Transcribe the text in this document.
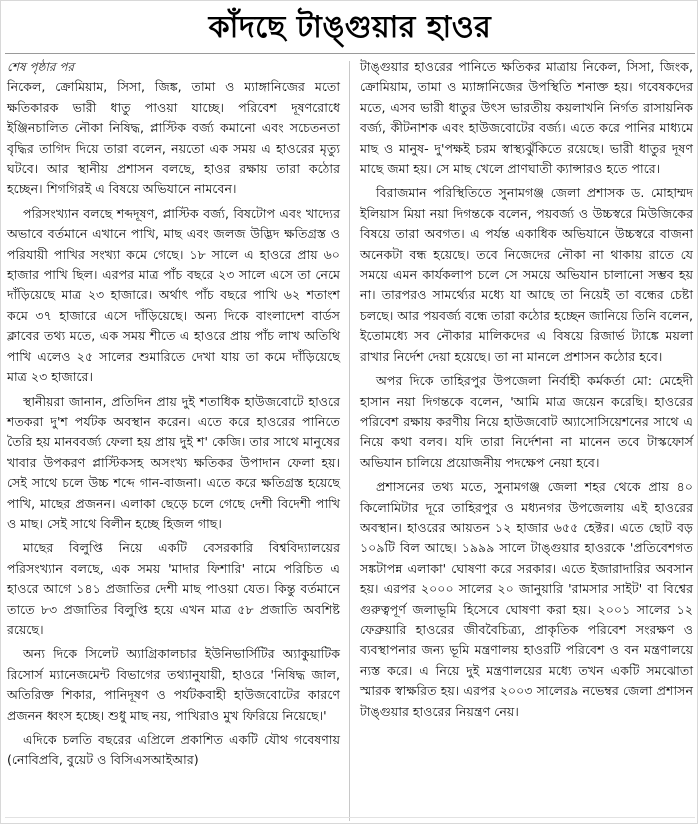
কাঁদছে টাঙ্গুয়ার হাওর
শেষ পৃষ্ঠার পর

নিকেল, ক্রোমিয়াম, সিসা, জিঙ্ক, তামা ও ম্যাঙ্গানিজের মতো ক্ষতিকারক ভারী ধাতু পাওয়া যাচ্ছে। পরিবেশ দূষণরোধে ইঞ্জিনচালিত নৌকা নিষিদ্ধ, প্লাস্টিক বর্জ্য কমানো এবং সচেতনতা বৃদ্ধির তাগিদ দিয়ে তারা বলেন, নয়তো এক সময় এ হাওরের মৃত্যু ঘটবে। আর স্থানীয় প্রশাসন বলছে, হাওর রক্ষায় তারা কঠোর হচ্ছেন। শিগগিরই এ বিষয়ে অভিযানে নামবেন।

পরিসংখ্যান বলছে শব্দদূষণ, প্লাস্টিক বর্জ্য, বিষটোপ এবং খাদ্যের অভাবে বর্তমানে এখানে পাখি, মাছ এবং জলজ উদ্ভিদ ক্ষতিগ্রস্ত ও পরিযায়ী পাখির সংখ্যা কমে গেছে। ১৮ সালে এ হাওরে প্রায় ৬০ হাজার পাখি ছিল। এরপর মাত্র পাঁচ বছরে ২৩ সালে এসে তা নেমে দাঁড়িয়েছে মাত্র ২৩ হাজারে। অর্থাৎ পাঁচ বছরে পাখি ৬২ শতাংশ কমে ৩৭ হাজারে এসে দাঁড়িয়েছে। অন্য দিকে বাংলাদেশ বার্ডস ক্লাবের তথ্য মতে, এক সময় শীতে এ হাওরে প্রায় পাঁচ লাখ অতিথি পাখি এলেও ২৫ সালের শুমারিতে দেখা যায় তা কমে দাঁড়িয়েছে মাত্র ২৩ হাজারে।

স্থানীয়রা জানান, প্রতিদিন প্রায় দুই শতাধিক হাউজবোটে হাওরে শতকরা দু'শ পর্যটক অবস্থান করেন। এতে করে হাওরের পানিতে তৈরি হয় মানববর্জ্য ফেলা হয় প্রায় দুই শ' কেজি। তার সাথে মানুষের খাবার উপকরণ প্লাস্টিকসহ অসংখ্য ক্ষতিকর উপাদান ফেলা হয়। সেই সাথে চলে উচ্চ শব্দে গান-বাজনা। এতে করে ক্ষতিগ্রস্ত হয়েছে পাখি, মাছের প্রজনন। এলাকা ছেড়ে চলে গেছে দেশী বিদেশী পাখি ও মাছ। সেই সাথে বিলীন হচ্ছে হিজল গাছ।

মাছের বিলুপ্তি নিয়ে একটি বেসরকারি বিশ্ববিদ্যালয়ের পরিসংখ্যান বলছে, এক সময় 'মাদার ফিশারি' নামে পরিচিত এ হাওরে আগে ১৪১ প্রজাতির দেশী মাছ পাওয়া যেত। কিন্তু বর্তমানে তাতে ৮৩ প্রজাতির বিলুপ্তি হয়ে এখন মাত্র ৫৮ প্রজাতি অবশিষ্ট রয়েছে।

অন্য দিকে সিলেট অ্যাগ্রিকালচার ইউনিভার্সিটির অ্যাকুয়াটিক রিসোর্স ম্যানেজমেন্ট বিভাগের তথ্যানুযায়ী, হাওরে 'নিষিদ্ধ জাল, অতিরিক্ত শিকার, পানিদূষণ ও পর্যটকবাহী হাউজবোটের কারণে প্রজনন ধ্বংস হচ্ছে। শুধু মাছ নয়, পাখিরাও মুখ ফিরিয়ে নিয়েছে।'

এদিকে চলতি বছরের এপ্রিলে প্রকাশিত একটি যৌথ গবেষণায় (নোবিপ্রবি, বুয়েট ও বিসিএসআইআর)

টাঙ্গুয়ার হাওরের পানিতে ক্ষতিকর মাত্রায় নিকেল, সিসা, জিংক, ক্রোমিয়াম, তামা ও ম্যাঙ্গানিজের উপস্থিতি শনাক্ত হয়। গবেষকদের মতে, এসব ভারী ধাতুর উৎস ভারতীয় কয়লাখনি নির্গত রাসায়নিক বর্জ্য, কীটনাশক এবং হাউজবোটের বর্জ্য। এতে করে পানির মাধ্যমে মাছ ও মানুষ- দু'পক্ষই চরম স্বাস্থ্যঝুঁকিতে রয়েছে। ভারী ধাতুর দূষণ মাছে জমা হয়। সে মাছ খেলে প্রাণঘাতী ক্যান্সারও হতে পারে।

বিরাজমান পরিস্থিতিতে সুনামগঞ্জ জেলা প্রশাসক ড. মোহাম্মদ ইলিয়াস মিয়া নয়া দিগন্তকে বলেন, পয়বর্জ্য ও উচ্চস্বরে মিউজিকের বিষয়ে তারা অবগত। এ পর্যন্ত একাধিক অভিযানে উচ্চস্বরে বাজনা অনেকটা বন্ধ হয়েছে। তবে নিজেদের নৌকা না থাকায় রাতে যে সময়ে এমন কার্যকলাপ চলে সে সময়ে অভিযান চালানো সম্ভব হয় না। তারপরও সামর্থ্যের মধ্যে যা আছে তা নিয়েই তা বন্ধের চেষ্টা চলছে। আর পয়বর্জ্য বন্ধে তারা কঠোর হচ্ছেন জানিয়ে তিনি বলেন, ইতোমধ্যে সব নৌকার মালিকদের এ বিষয়ে রিজার্ভ ট্যাঙ্কে ময়লা রাখার নির্দেশ দেয়া হয়েছে। তা না মানলে প্রশাসন কঠোর হবে।

অপর দিকে তাহিরপুর উপজেলা নির্বাহী কর্মকর্তা মো: মেহেদী হাসান নয়া দিগন্তকে বলেন, 'আমি মাত্র জয়েন করেছি। হাওরের পরিবেশ রক্ষায় করণীয় নিয়ে হাউজবোট অ্যাসোসিয়েশনের সাথে এ নিয়ে কথা বলব। যদি তারা নির্দেশনা না মানেন তবে টাস্কফোর্স অভিযান চালিয়ে প্রয়োজনীয় পদক্ষেপ নেয়া হবে।

প্রশাসনের তথ্য মতে, সুনামগঞ্জ জেলা শহর থেকে প্রায় ৪০ কিলোমিটার দূরে তাহিরপুর ও মধ্যনগর উপজেলায় এই হাওরের অবস্থান। হাওরের আয়তন ১২ হাজার ৬৫৫ হেক্টর। এতে ছোট বড় ১০৯টি বিল আছে। ১৯৯৯ সালে টাঙ্গুয়ার হাওরকে 'প্রতিবেশগত সঙ্কটাপন্ন এলাকা' ঘোষণা করে সরকার। এতে ইজারাদারির অবসান হয়। এরপর ২০০০ সালের ২০ জানুয়ারি 'রামসার সাইট' বা বিশ্বের গুরুত্বপূর্ণ জলাভূমি হিসেবে ঘোষণা করা হয়। ২০০১ সালের ১২ ফেব্রুয়ারি হাওরের জীববৈচিত্র্য, প্রাকৃতিক পরিবেশ সংরক্ষণ ও ব্যবস্থাপনার জন্য ভূমি মন্ত্রণালয় হাওরটি পরিবেশ ও বন মন্ত্রণালয়ে ন্যস্ত করে। এ নিয়ে দুই মন্ত্রণালয়ের মধ্যে তখন একটি সমঝোতা স্মারক স্বাক্ষরিত হয়। এরপর ২০০৩ সালের৯ নভেম্বর জেলা প্রশাসন টাঙ্গুয়ার হাওরের নিয়ন্ত্রণ নেয়।
